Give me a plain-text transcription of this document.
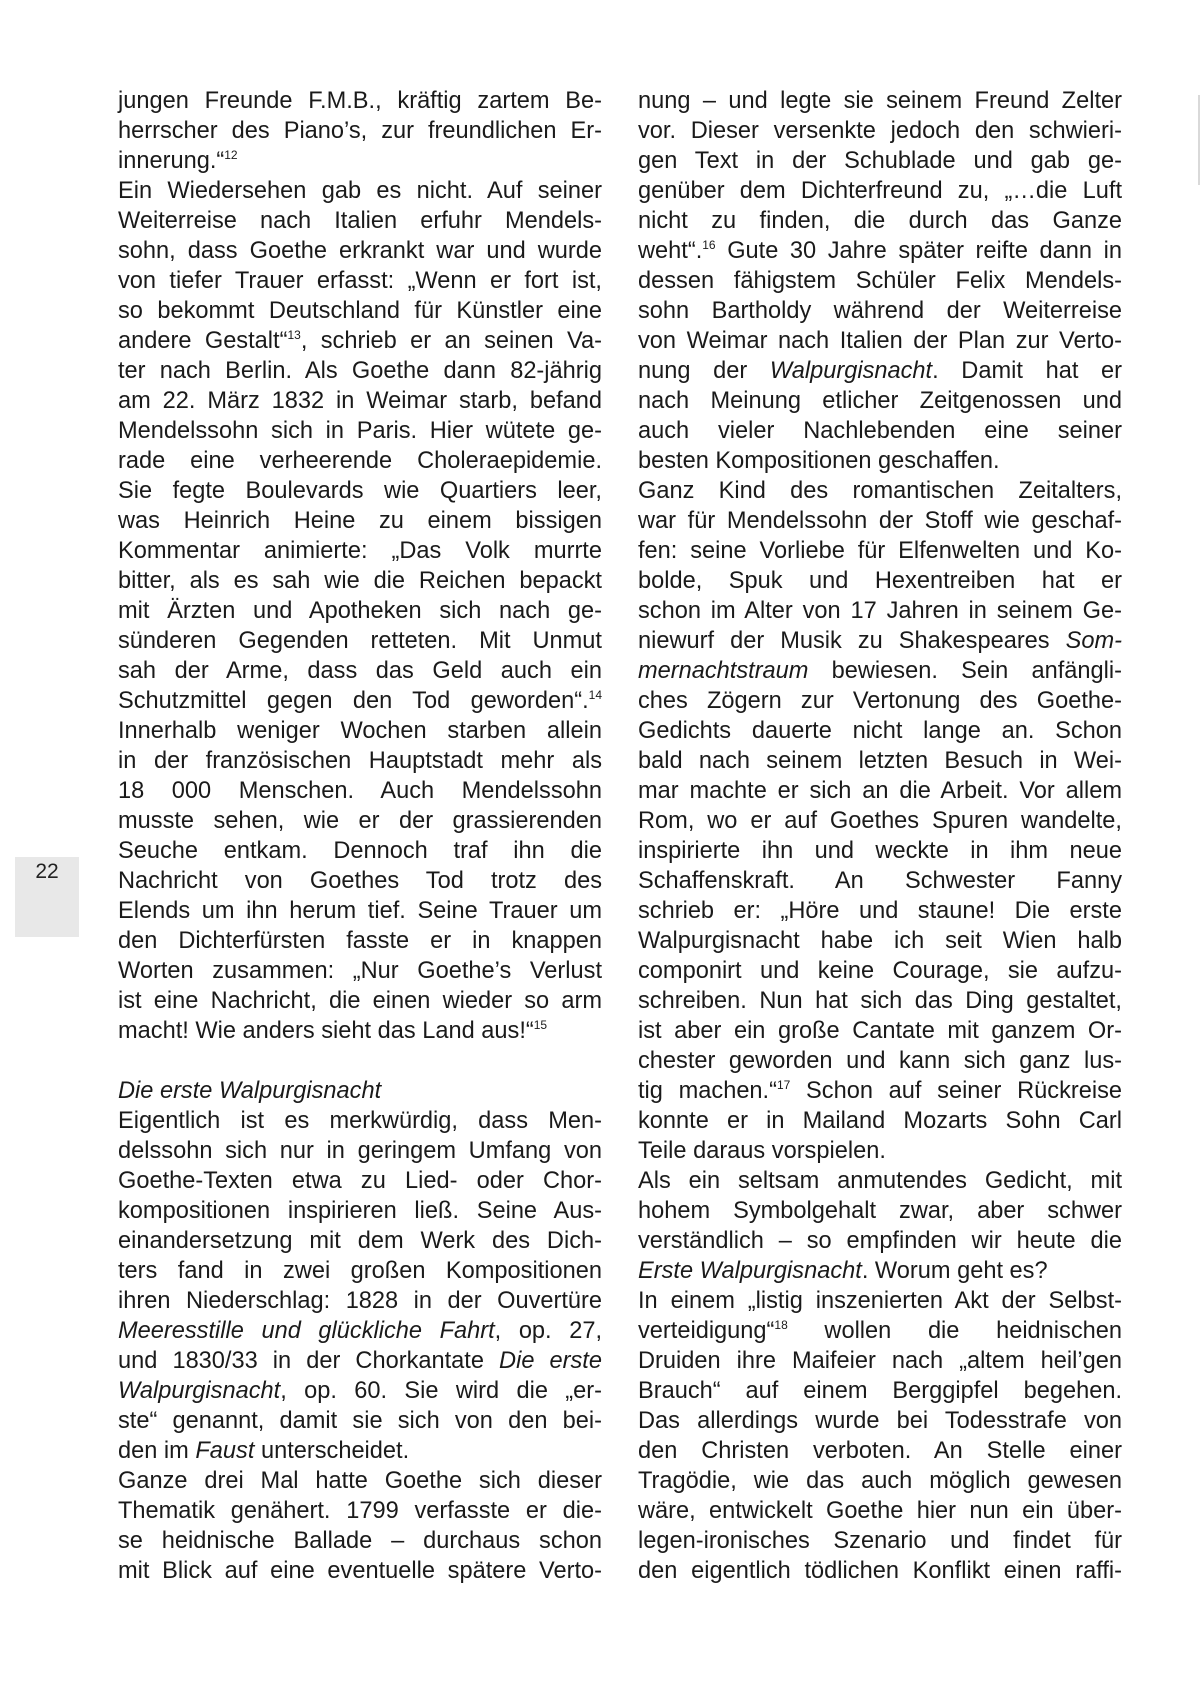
22
jungen Freunde F.M.B., kräftig zartem Be-
herrscher des Piano’s, zur freundlichen Er-
innerung.“$^{12}$
Ein Wiedersehen gab es nicht. Auf seiner
Weiterreise nach Italien erfuhr Mendels-
sohn, dass Goethe erkrankt war und wurde
von tiefer Trauer erfasst: „Wenn er fort ist,
so bekommt Deutschland für Künstler eine
andere Gestalt“$^{13}$, schrieb er an seinen Va-
ter nach Berlin. Als Goethe dann 82-jährig
am 22. März 1832 in Weimar starb, befand
Mendelssohn sich in Paris. Hier wütete ge-
rade eine verheerende Choleraepidemie.
Sie fegte Boulevards wie Quartiers leer,
was Heinrich Heine zu einem bissigen
Kommentar animierte: „Das Volk murrte
bitter, als es sah wie die Reichen bepackt
mit Ärzten und Apotheken sich nach ge-
sünderen Gegenden retteten. Mit Unmut
sah der Arme, dass das Geld auch ein
Schutzmittel gegen den Tod geworden“.$^{14}$
Innerhalb weniger Wochen starben allein
in der französischen Hauptstadt mehr als
18 000 Menschen. Auch Mendelssohn
musste sehen, wie er der grassierenden
Seuche entkam. Dennoch traf ihn die
Nachricht von Goethes Tod trotz des
Elends um ihn herum tief. Seine Trauer um
den Dichterfürsten fasste er in knappen
Worten zusammen: „Nur Goethe’s Verlust
ist eine Nachricht, die einen wieder so arm
macht! Wie anders sieht das Land aus!“$^{15}$
Die erste Walpurgisnacht
Eigentlich ist es merkwürdig, dass Men-
delssohn sich nur in geringem Umfang von
Goethe-Texten etwa zu Lied- oder Chor-
kompositionen inspirieren ließ. Seine Aus-
einandersetzung mit dem Werk des Dich-
ters fand in zwei großen Kompositionen
ihren Niederschlag: 1828 in der Ouvertüre
Meeresstille und glückliche Fahrt, op. 27,
und 1830/33 in der Chorkantate Die erste
Walpurgisnacht, op. 60. Sie wird die „er-
ste“ genannt, damit sie sich von den bei-
den im Faust unterscheidet.
Ganze drei Mal hatte Goethe sich dieser
Thematik genähert. 1799 verfasste er die-
se heidnische Ballade – durchaus schon
mit Blick auf eine eventuelle spätere Verto-
nung – und legte sie seinem Freund Zelter
vor. Dieser versenkte jedoch den schwieri-
gen Text in der Schublade und gab ge-
genüber dem Dichterfreund zu, „…die Luft
nicht zu finden, die durch das Ganze
weht“.$^{16}$ Gute 30 Jahre später reifte dann in
dessen fähigstem Schüler Felix Mendels-
sohn Bartholdy während der Weiterreise
von Weimar nach Italien der Plan zur Verto-
nung der Walpurgisnacht. Damit hat er
nach Meinung etlicher Zeitgenossen und
auch vieler Nachlebenden eine seiner
besten Kompositionen geschaffen.
Ganz Kind des romantischen Zeitalters,
war für Mendelssohn der Stoff wie geschaf-
fen: seine Vorliebe für Elfenwelten und Ko-
bolde, Spuk und Hexentreiben hat er
schon im Alter von 17 Jahren in seinem Ge-
niewurf der Musik zu Shakespeares Som-
mernachtstraum bewiesen. Sein anfängli-
ches Zögern zur Vertonung des Goethe-
Gedichts dauerte nicht lange an. Schon
bald nach seinem letzten Besuch in Wei-
mar machte er sich an die Arbeit. Vor allem
Rom, wo er auf Goethes Spuren wandelte,
inspirierte ihn und weckte in ihm neue
Schaffenskraft. An Schwester Fanny
schrieb er: „Höre und staune! Die erste
Walpurgisnacht habe ich seit Wien halb
componirt und keine Courage, sie aufzu-
schreiben. Nun hat sich das Ding gestaltet,
ist aber ein große Cantate mit ganzem Or-
chester geworden und kann sich ganz lus-
tig machen.“$^{17}$ Schon auf seiner Rückreise
konnte er in Mailand Mozarts Sohn Carl
Teile daraus vorspielen.
Als ein seltsam anmutendes Gedicht, mit
hohem Symbolgehalt zwar, aber schwer
verständlich – so empfinden wir heute die
Erste Walpurgisnacht. Worum geht es?
In einem „listig inszenierten Akt der Selbst-
verteidigung“$^{18}$ wollen die heidnischen
Druiden ihre Maifeier nach „altem heil’gen
Brauch“ auf einem Berggipfel begehen.
Das allerdings wurde bei Todesstrafe von
den Christen verboten. An Stelle einer
Tragödie, wie das auch möglich gewesen
wäre, entwickelt Goethe hier nun ein über-
legen-ironisches Szenario und findet für
den eigentlich tödlichen Konflikt einen raffi-
